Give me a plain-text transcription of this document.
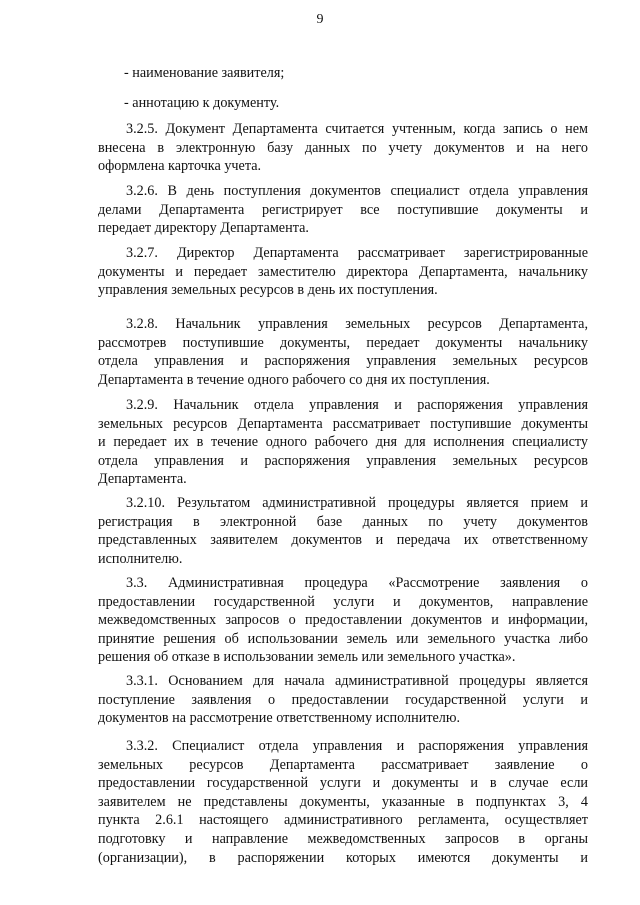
9
- наименование заявителя;
- аннотацию к документу.
3.2.5. Документ Департамента считается учтенным, когда запись о нем​
внесена в электронную базу данных по учету документов и на него​
оформлена карточка учета.
3.2.6. В день поступления документов специалист отдела управления​
делами Департамента регистрирует все поступившие документы и​
передает директору Департамента.
3.2.7. Директор Департамента рассматривает зарегистрированные​
документы и передает заместителю директора Департамента, начальнику​
управления земельных ресурсов в день их поступления.
3.2.8. Начальник управления земельных ресурсов Департамента,​
рассмотрев поступившие документы, передает документы начальнику​
отдела управления и распоряжения управления земельных ресурсов​
Департамента в течение одного рабочего со дня их поступления.
3.2.9. Начальник отдела управления и распоряжения управления​
земельных ресурсов Департамента рассматривает поступившие документы​
и передает их в течение одного рабочего дня для исполнения специалисту​
отдела управления и распоряжения управления земельных ресурсов​
Департамента.
3.2.10. Результатом административной процедуры является прием и​
регистрация в электронной базе данных по учету документов​
представленных заявителем документов и передача их ответственному​
исполнителю.
3.3. Административная процедура «Рассмотрение заявления о​
предоставлении государственной услуги и документов, направление​
межведомственных запросов о предоставлении документов и информации,​
принятие решения об использовании земель или земельного участка либо​
решения об отказе в использовании земель или земельного участка».
3.3.1. Основанием для начала административной процедуры является​
поступление заявления о предоставлении государственной услуги и​
документов на рассмотрение ответственному исполнителю.
3.3.2. Специалист отдела управления и распоряжения управления​
земельных ресурсов Департамента рассматривает заявление о​
предоставлении государственной услуги и документы и в случае если​
заявителем не представлены документы, указанные в подпунктах 3, 4​
пункта 2.6.1 настоящего административного регламента, осуществляет​
подготовку и направление межведомственных запросов в органы​
(организации), в распоряжении которых имеются документы и​
